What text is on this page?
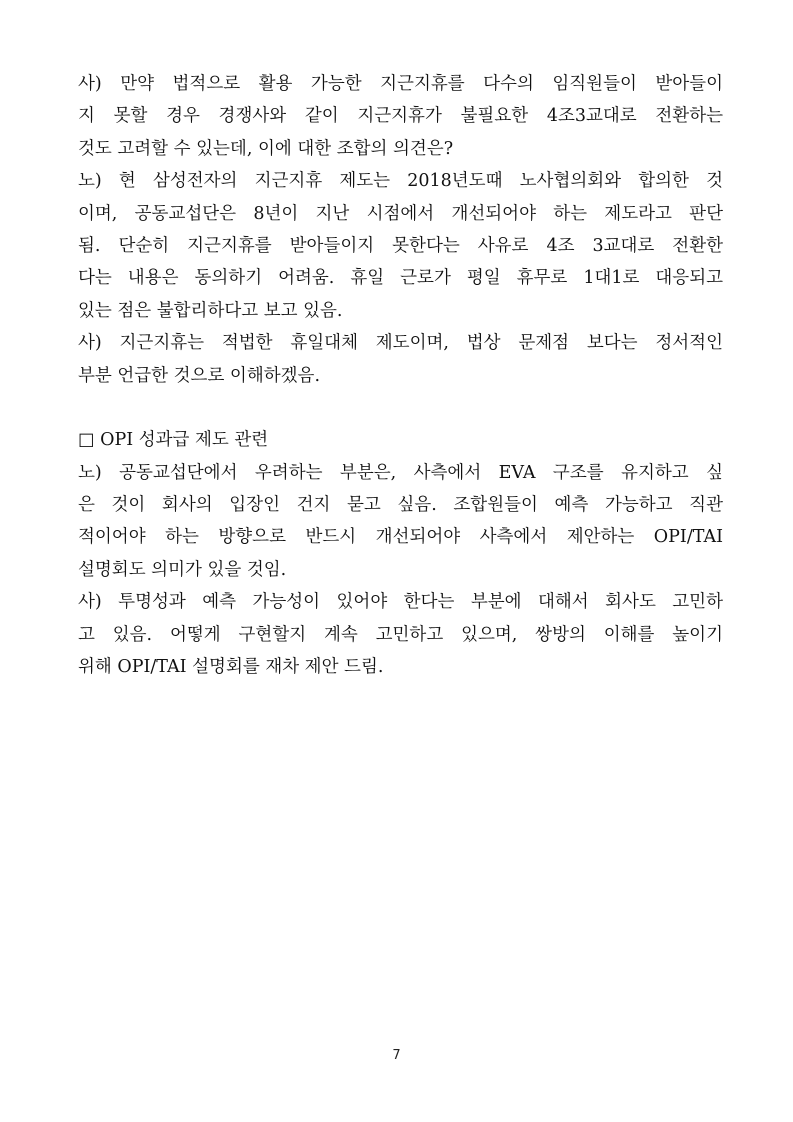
사) 만약 법적으로 활용 가능한 지근지휴를 다수의 임직원들이 받아들이
지 못할 경우 경쟁사와 같이 지근지휴가 불필요한 4조3교대로 전환하는
것도 고려할 수 있는데, 이에 대한 조합의 의견은?
노) 현 삼성전자의 지근지휴 제도는 2018년도때 노사협의회와 합의한 것
이며, 공동교섭단은 8년이 지난 시점에서 개선되어야 하는 제도라고 판단
됨. 단순히 지근지휴를 받아들이지 못한다는 사유로 4조 3교대로 전환한
다는 내용은 동의하기 어려움. 휴일 근로가 평일 휴무로 1대1로 대응되고
있는 점은 불합리하다고 보고 있음.
사) 지근지휴는 적법한 휴일대체 제도이며, 법상 문제점 보다는 정서적인
부분 언급한 것으로 이해하겠음.
□ OPI 성과급 제도 관련
노) 공동교섭단에서 우려하는 부분은, 사측에서 EVA 구조를 유지하고 싶
은 것이 회사의 입장인 건지 묻고 싶음. 조합원들이 예측 가능하고 직관
적이어야 하는 방향으로 반드시 개선되어야 사측에서 제안하는 OPI/TAI
설명회도 의미가 있을 것임.
사) 투명성과 예측 가능성이 있어야 한다는 부분에 대해서 회사도 고민하
고 있음. 어떻게 구현할지 계속 고민하고 있으며, 쌍방의 이해를 높이기
위해 OPI/TAI 설명회를 재차 제안 드림.
7
